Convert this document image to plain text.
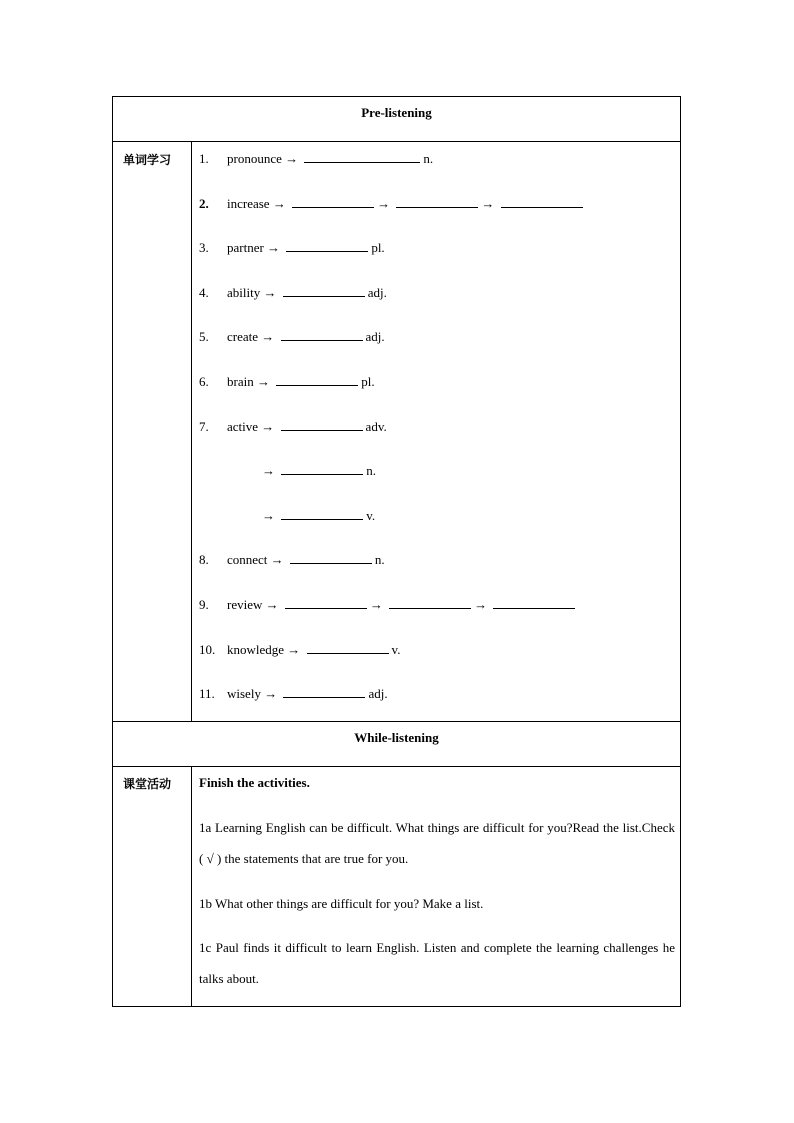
Pre-listening
单词学习 1. pronounce →	n.
2. increase →	→	→
3. partner →	pl.
4. ability →	adj.
5. create →	adj.
6. brain →	pl.
7. active →	adv.
→	n.
→	v.
8. connect →	n.
9. review →	→	→
10. knowledge →	v.
11. wisely →	adj.
While-listening
课堂活动 Finish the activities.
1a Learning English can be difficult. What things are difficult for you?Read the list.Check ( √ ) the statements that are true for you.
1b What other things are difficult for you? Make a list.
1c Paul finds it difficult to learn English. Listen and complete the learning challenges he talks about.
